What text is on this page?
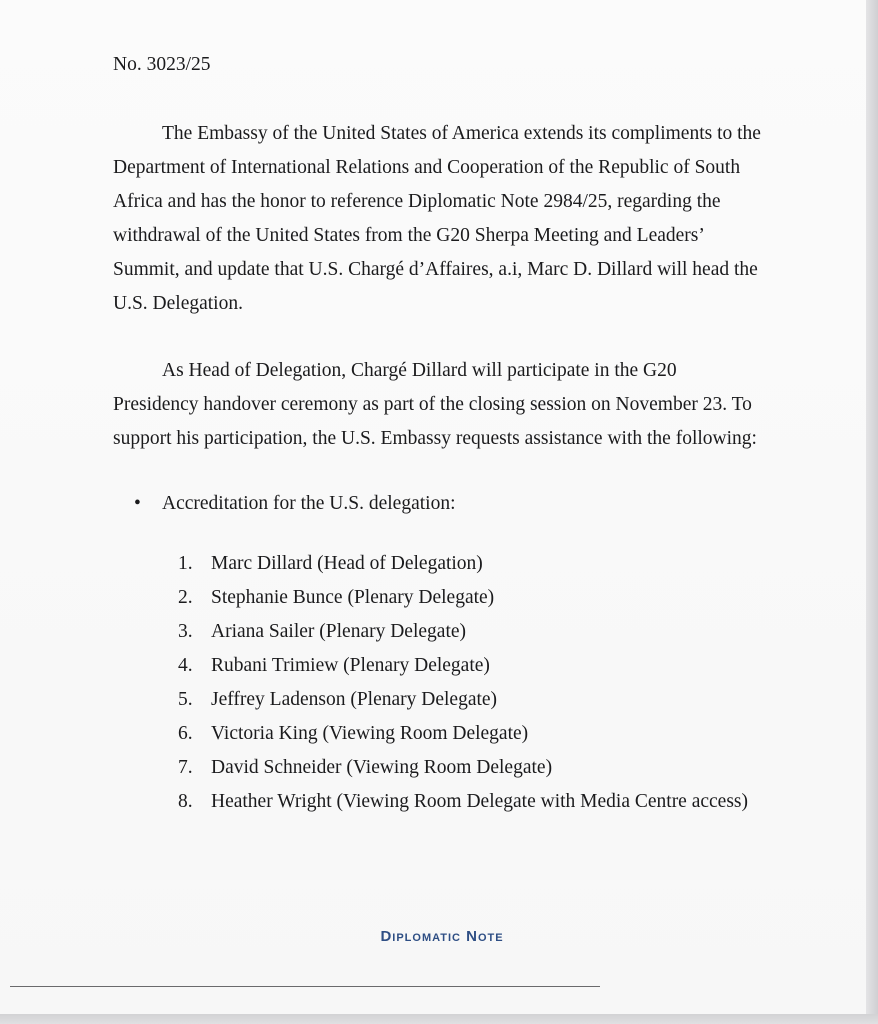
No. 3023/25
The Embassy of the United States of America extends its compliments to the
Department of International Relations and Cooperation of the Republic of South
Africa and has the honor to reference Diplomatic Note 2984/25, regarding the
withdrawal of the United States from the G20 Sherpa Meeting and Leaders’
Summit, and update that U.S. Chargé d’Affaires, a.i, Marc D. Dillard will head the
U.S. Delegation.
As Head of Delegation, Chargé Dillard will participate in the G20
Presidency handover ceremony as part of the closing session on November 23. To
support his participation, the U.S. Embassy requests assistance with the following:
• Accreditation for the U.S. delegation:
1. Marc Dillard (Head of Delegation)
2. Stephanie Bunce (Plenary Delegate)
3. Ariana Sailer (Plenary Delegate)
4. Rubani Trimiew (Plenary Delegate)
5. Jeffrey Ladenson (Plenary Delegate)
6. Victoria King (Viewing Room Delegate)
7. David Schneider (Viewing Room Delegate)
8. Heather Wright (Viewing Room Delegate with Media Centre access)
Diplomatic Note
